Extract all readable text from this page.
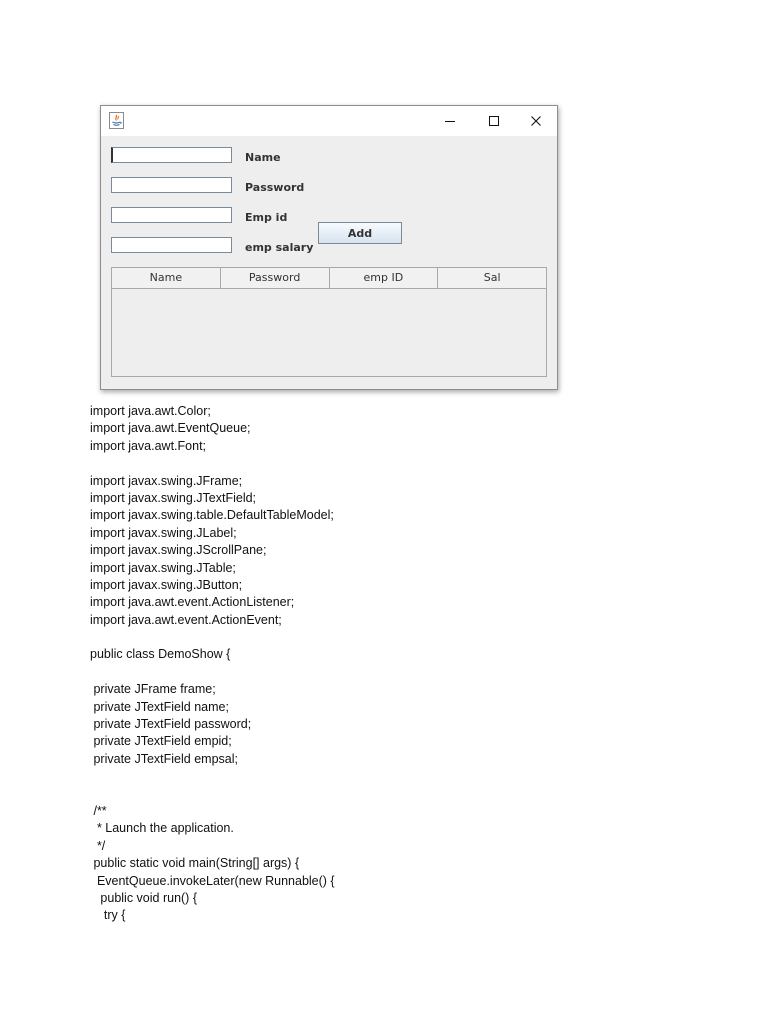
Name
Password
Emp id
emp salary
Add
Name	Password	emp ID	Sal
import java.awt.Color;
import java.awt.EventQueue;
import java.awt.Font;
import javax.swing.JFrame;
import javax.swing.JTextField;
import javax.swing.table.DefaultTableModel;
import javax.swing.JLabel;
import javax.swing.JScrollPane;
import javax.swing.JTable;
import javax.swing.JButton;
import java.awt.event.ActionListener;
import java.awt.event.ActionEvent;
public class DemoShow {
private JFrame frame;
private JTextField name;
private JTextField password;
private JTextField empid;
private JTextField empsal;
/**
* Launch the application.
*/
public static void main(String[] args) {
EventQueue.invokeLater(new Runnable() {
public void run() {
try {
